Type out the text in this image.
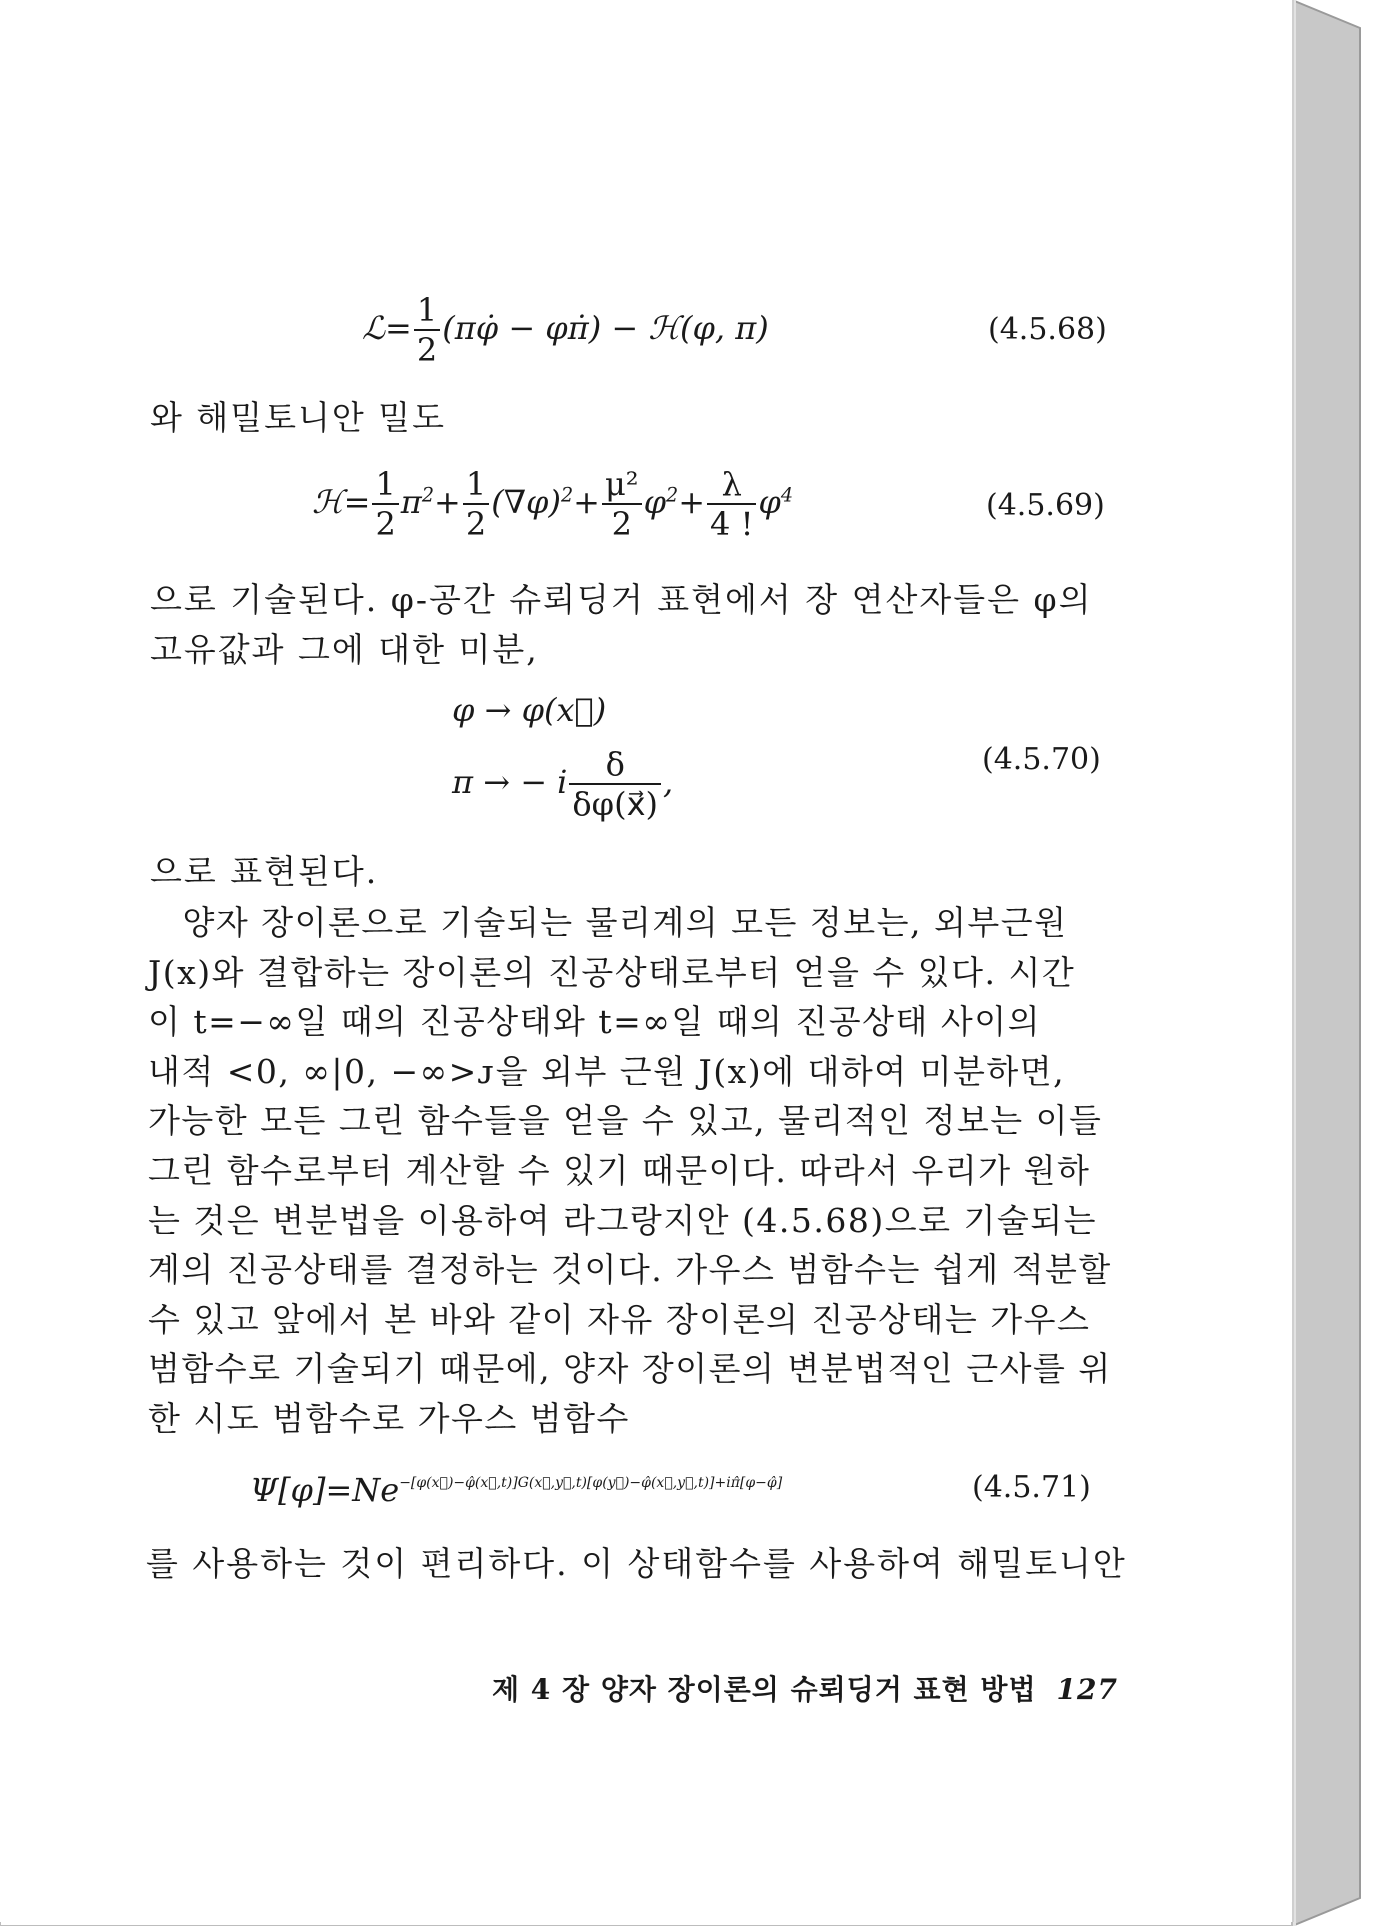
ℒ= $\frac{1}{2}$ (πφ̇ − φπ̇) − ℋ(φ, π)	(4.5.68)
와 해밀토니안 밀도
ℋ= $\frac{1}{2} \pi^2+ \frac{1}{2} (\nabla\varphi)^2+ \frac{\text{μ²}}{2} \varphi^2+ \frac{\lambda}{4 !} \varphi^4$	(4.5.69)
으로 기술된다. φ-공간 슈뢰딩거 표현에서 장 연산자들은 φ의
고유값과 그에 대한 미분,
φ → φ(x⃗)
π → − i $\frac{\delta}{\delta\varphi(x⃗)}$ ,
(4.5.70)
으로 표현된다.
　양자 장이론으로 기술되는 물리계의 모든 정보는, 외부근원
J(x)와 결합하는 장이론의 진공상태로부터 얻을 수 있다. 시간
이 t=−∞일 때의 진공상태와 t=∞일 때의 진공상태 사이의
내적 <0, ∞|0, −∞>ᴊ을 외부 근원 J(x)에 대하여 미분하면,
가능한 모든 그린 함수들을 얻을 수 있고, 물리적인 정보는 이들
그린 함수로부터 계산할 수 있기 때문이다. 따라서 우리가 원하
는 것은 변분법을 이용하여 라그랑지안 (4.5.68)으로 기술되는
계의 진공상태를 결정하는 것이다. 가우스 범함수는 쉽게 적분할
수 있고 앞에서 본 바와 같이 자유 장이론의 진공상태는 가우스
범함수로 기술되기 때문에, 양자 장이론의 변분법적인 근사를 위
한 시도 범함수로 가우스 범함수
$\Psi[\varphi]=Ne^{-[\varphi(x⃗)-\varphî(x⃗,t)]G(x⃗,y⃗,t)[\varphi(y⃗)-\varphî(x⃗,y⃗,t)]+i\pî[\varphi-\varphî]}$	(4.5.71)
를 사용하는 것이 편리하다. 이 상태함수를 사용하여 해밀토니안
제 4 장 양자 장이론의 슈뢰딩거 표현 방법 127
